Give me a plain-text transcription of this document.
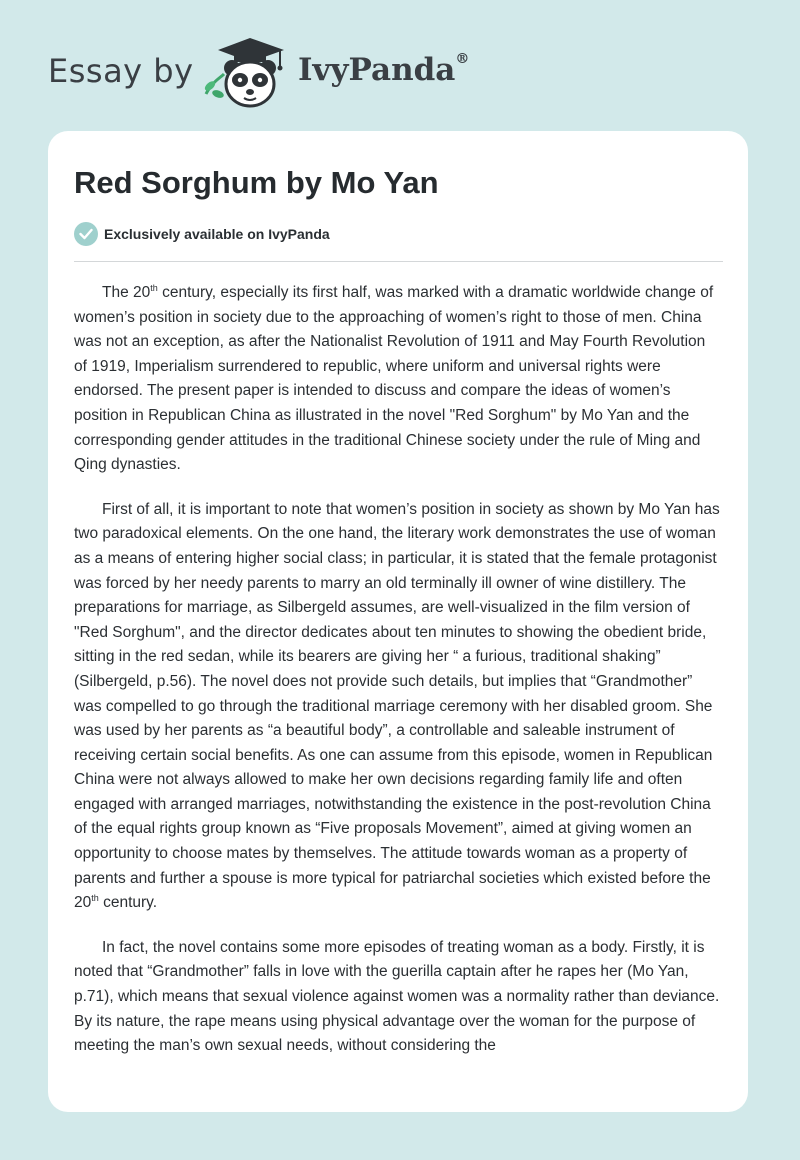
Essay by	IvyPanda®
Red Sorghum by Mo Yan
Exclusively available on IvyPanda

The 20th century, especially its first half, was marked with a dramatic worldwide change of women’s position in society due to the approaching of women’s right to those of men. China was not an exception, as after the Nationalist Revolution of 1911 and May Fourth Revolution of 1919, Imperialism surrendered to republic, where uniform and universal rights were endorsed. The present paper is intended to discuss and compare the ideas of women’s position in Republican China as illustrated in the novel "Red Sorghum" by Mo Yan and the corresponding gender attitudes in the traditional Chinese society under the rule of Ming and Qing dynasties.

First of all, it is important to note that women’s position in society as shown by Mo Yan has two paradoxical elements. On the one hand, the literary work demonstrates the use of woman as a means of entering higher social class; in particular, it is stated that the female protagonist was forced by her needy parents to marry an old terminally ill owner of wine distillery. The preparations for marriage, as Silbergeld assumes, are well-visualized in the film version of "Red Sorghum", and the director dedicates about ten minutes to showing the obedient bride, sitting in the red sedan, while its bearers are giving her “ a furious, traditional shaking” (Silbergeld, p.56). The novel does not provide such details, but implies that “Grandmother” was compelled to go through the traditional marriage ceremony with her disabled groom. She was used by her parents as “a beautiful body”, a controllable and saleable instrument of receiving certain social benefits. As one can assume from this episode, women in Republican China were not always allowed to make her own decisions regarding family life and often engaged with arranged marriages, notwithstanding the existence in the post-revolution China of the equal rights group known as “Five proposals Movement”, aimed at giving women an opportunity to choose mates by themselves. The attitude towards woman as a property of parents and further a spouse is more typical for patriarchal societies which existed before the 20th century.

In fact, the novel contains some more episodes of treating woman as a body. Firstly, it is noted that “Grandmother” falls in love with the guerilla captain after he rapes her (Mo Yan, p.71), which means that sexual violence against women was a normality rather than deviance. By its nature, the rape means using physical advantage over the woman for the purpose of meeting the man’s own sexual needs, without considering the
